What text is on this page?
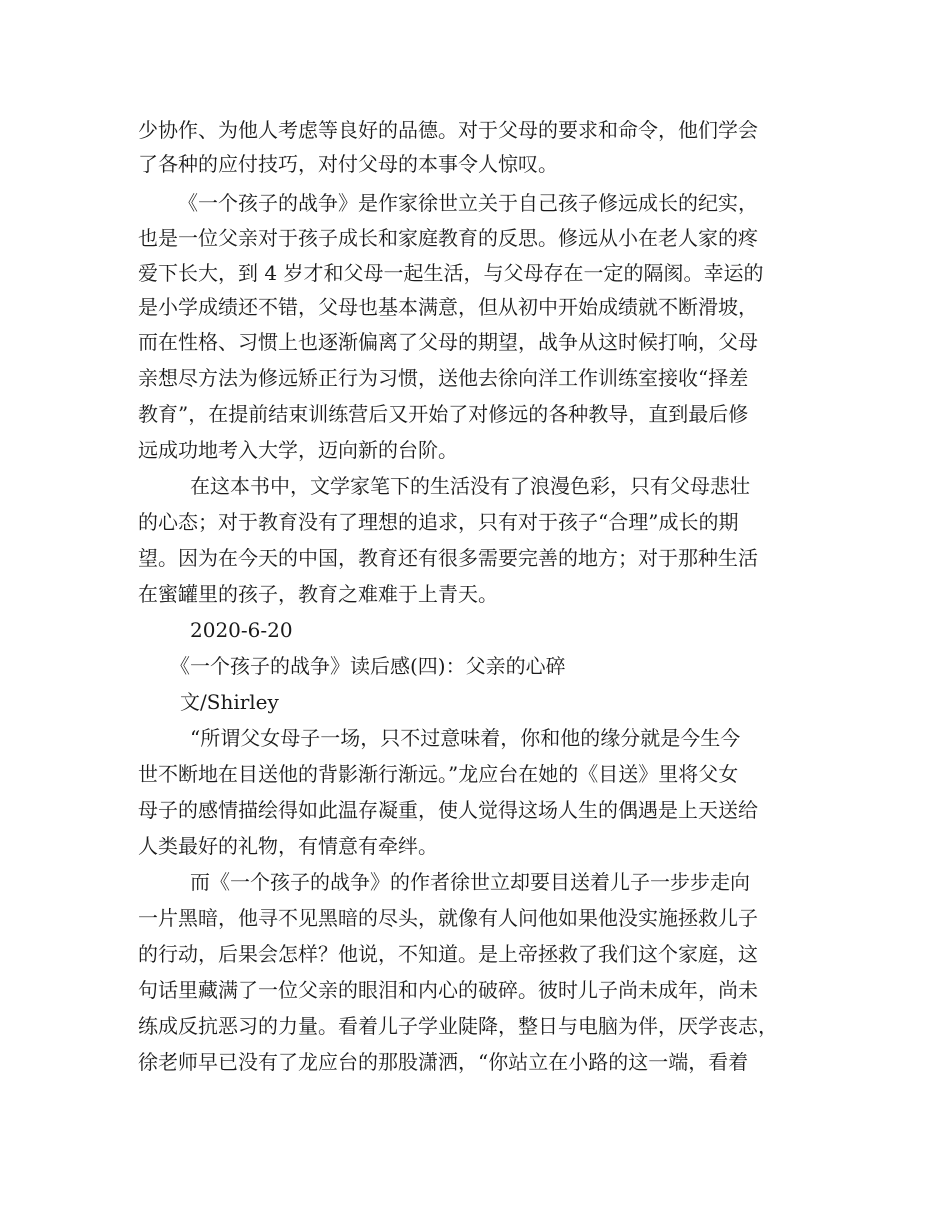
少协作、为他人考虑等良好的品德。对于父母的要求和命令，他们学会
了各种的应付技巧，对付父母的本事令人惊叹。
《一个孩子的战争》是作家徐世立关于自己孩子修远成长的纪实，
也是一位父亲对于孩子成长和家庭教育的反思。修远从小在老人家的疼
爱下长大，到 4 岁才和父母一起生活，与父母存在一定的隔阂。幸运的
是小学成绩还不错，父母也基本满意，但从初中开始成绩就不断滑坡，
而在性格、习惯上也逐渐偏离了父母的期望，战争从这时候打响，父母
亲想尽方法为修远矫正行为习惯，送他去徐向洋工作训练室接收“择差
教育”，在提前结束训练营后又开始了对修远的各种教导，直到最后修
远成功地考入大学，迈向新的台阶。
在这本书中，文学家笔下的生活没有了浪漫色彩，只有父母悲壮
的心态；对于教育没有了理想的追求，只有对于孩子“合理”成长的期
望。因为在今天的中国，教育还有很多需要完善的地方；对于那种生活
在蜜罐里的孩子，教育之难难于上青天。
2020-6-20
《一个孩子的战争》读后感(四)：父亲的心碎
文/Shirley
“所谓父女母子一场，只不过意味着，你和他的缘分就是今生今
世不断地在目送他的背影渐行渐远。”龙应台在她的《目送》里将父女
母子的感情描绘得如此温存凝重，使人觉得这场人生的偶遇是上天送给
人类最好的礼物，有情意有牵绊。
而《一个孩子的战争》的作者徐世立却要目送着儿子一步步走向
一片黑暗，他寻不见黑暗的尽头，就像有人问他如果他没实施拯救儿子
的行动，后果会怎样？他说，不知道。是上帝拯救了我们这个家庭，这
句话里藏满了一位父亲的眼泪和内心的破碎。彼时儿子尚未成年，尚未
练成反抗恶习的力量。看着儿子学业陡降，整日与电脑为伴，厌学丧志，
徐老师早已没有了龙应台的那股潇洒，“你站立在小路的这一端，看着
